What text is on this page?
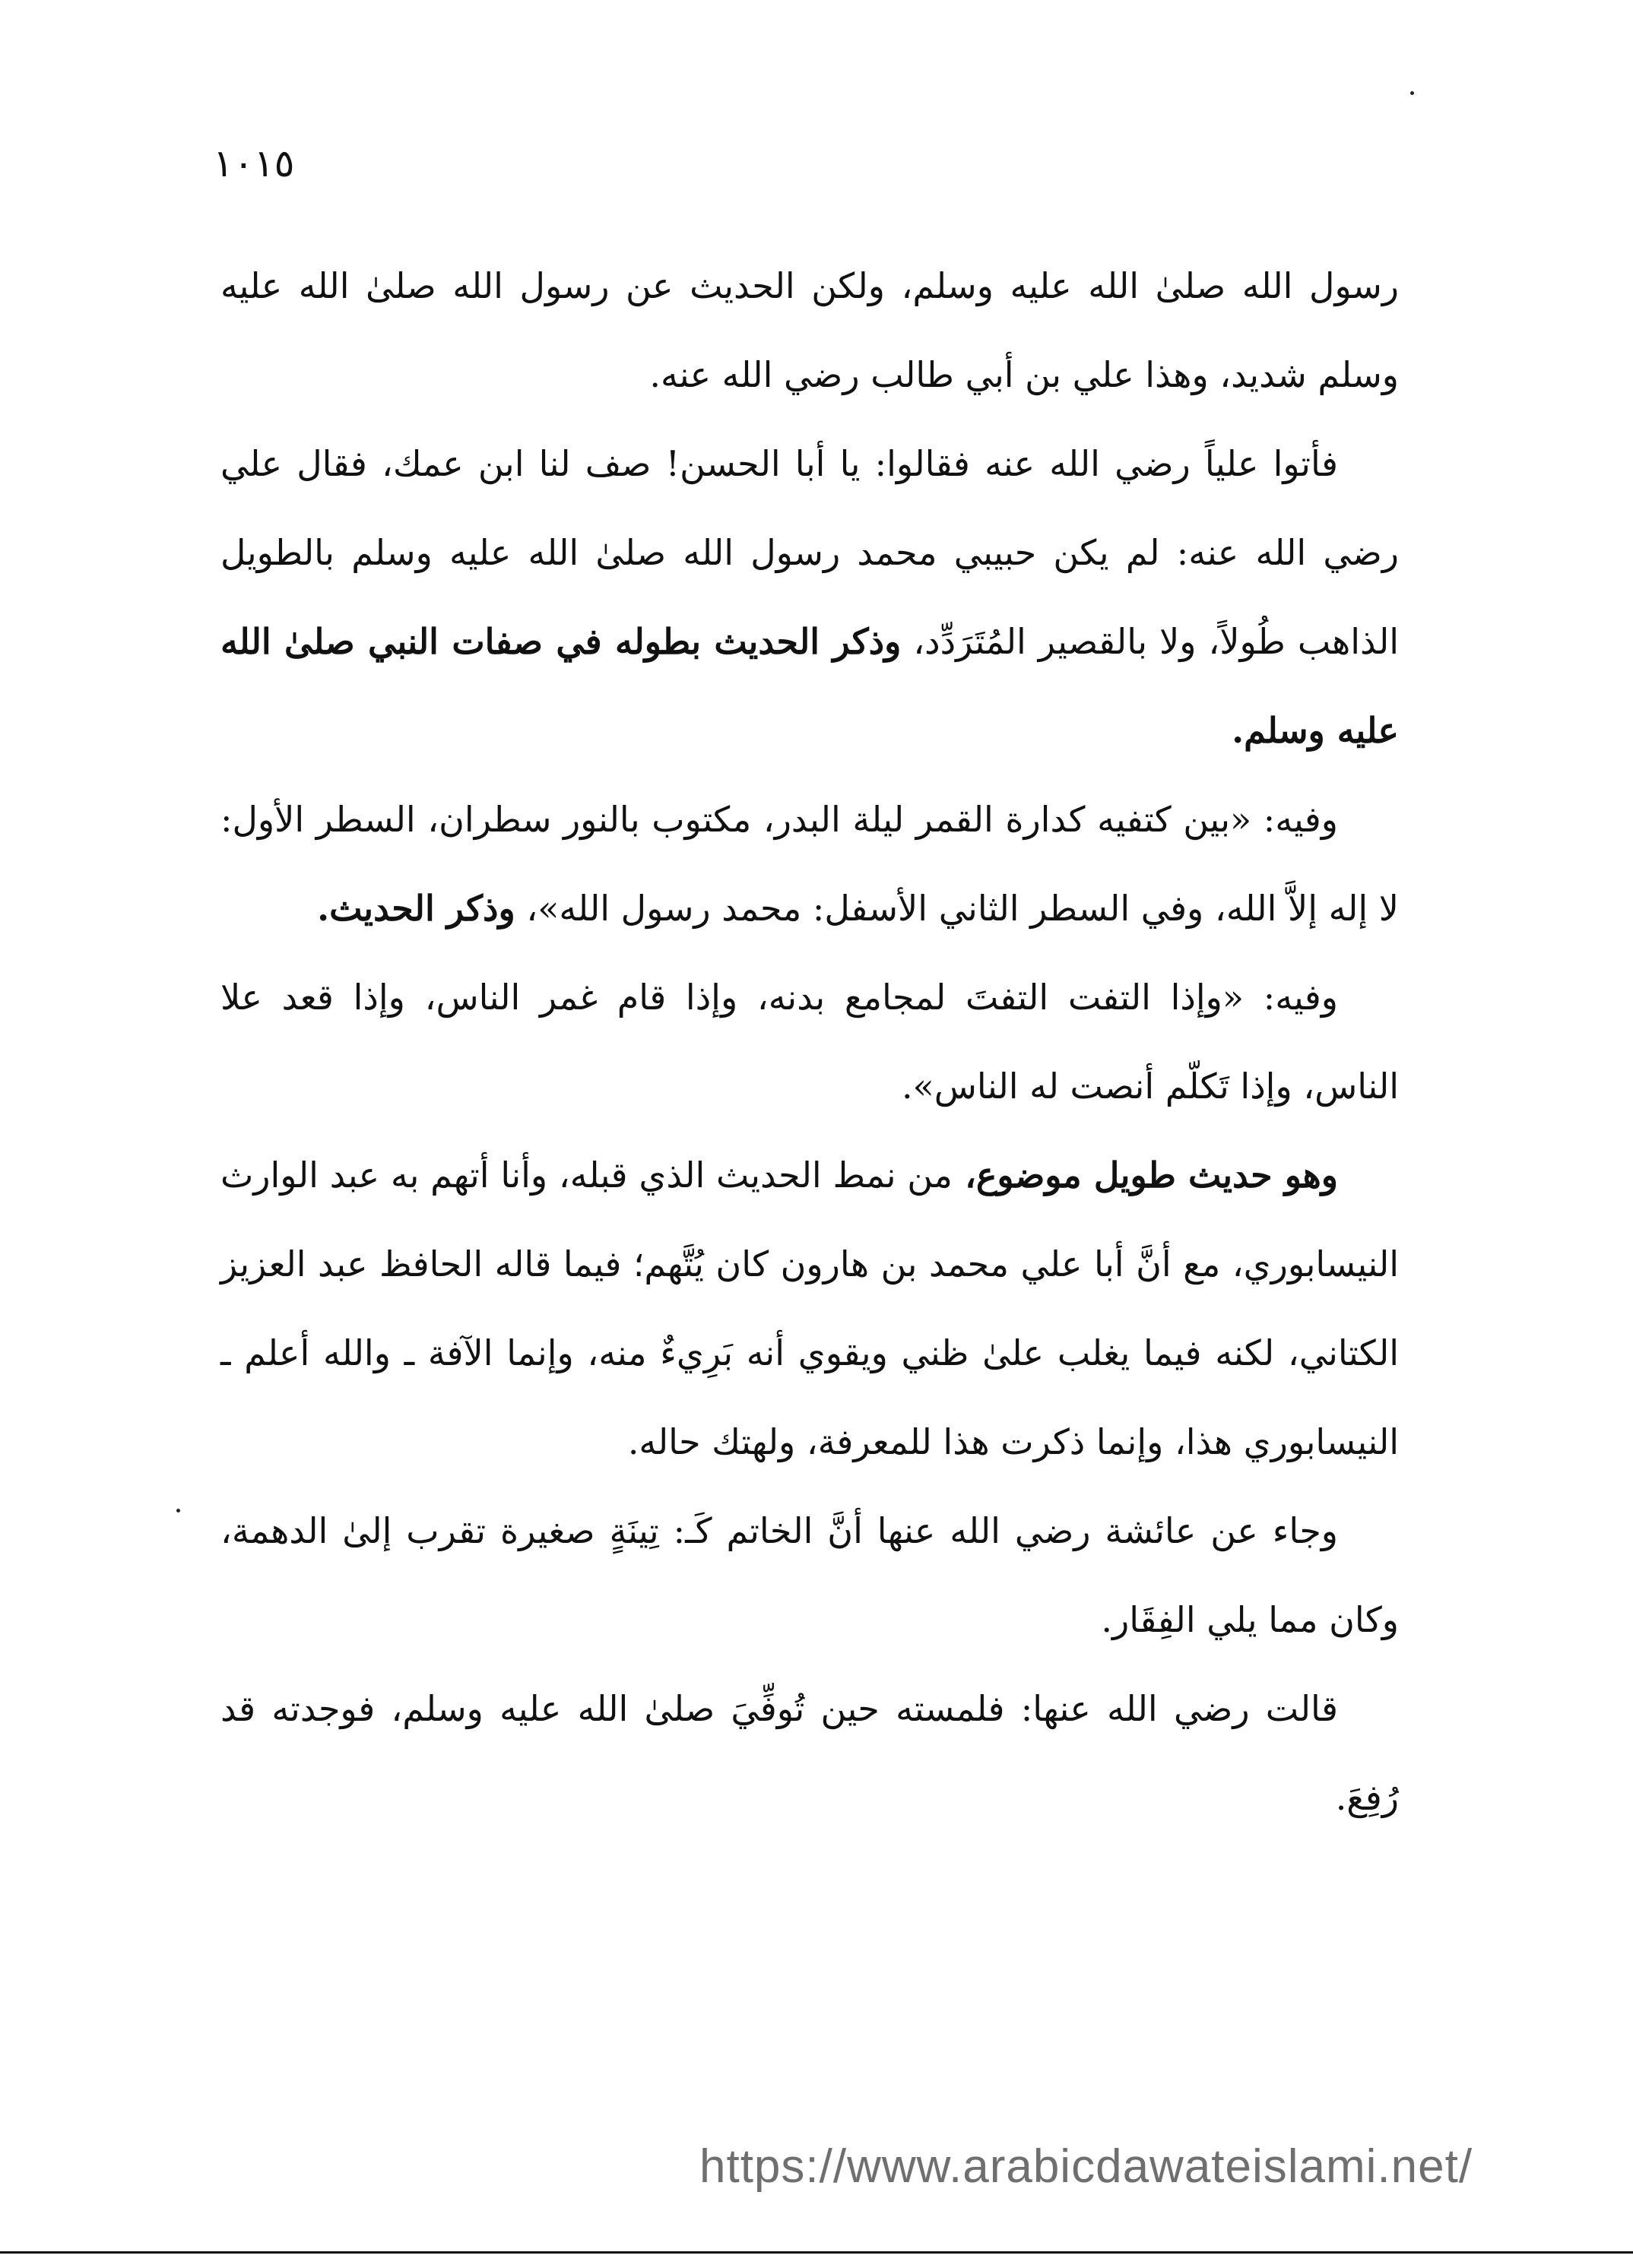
١٠١٥

رسول الله صلىٰ الله عليه وسلم، ولكن الحديث عن رسول الله صلىٰ الله عليه وسلم شديد، وهذا علي بن أبي طالب رضي الله عنه.

فأتوا علياً رضي الله عنه فقالوا: يا أبا الحسن! صف لنا ابن عمك، فقال علي رضي الله عنه: لم يكن حبيبي محمد رسول الله صلىٰ الله عليه وسلم بالطويل الذاهب طُولاً، ولا بالقصير المُتَرَدِّد، وذكر الحديث بطوله في صفات النبي صلىٰ الله عليه وسلم.

وفيه: «بين كتفيه كدارة القمر ليلة البدر، مكتوب بالنور سطران، السطر الأول: لا إله إلاَّ الله، وفي السطر الثاني الأسفل: محمد رسول الله»، وذكر الحديث.

وفيه: «وإذا التفت التفتَ لمجامع بدنه، وإذا قام غمر الناس، وإذا قعد علا الناس، وإذا تَكلّم أنصت له الناس».

وهو حديث طويل موضوع، من نمط الحديث الذي قبله، وأنا أتهم به عبد الوارث النيسابوري، مع أنَّ أبا علي محمد بن هارون كان يُتَّهم؛ فيما قاله الحافظ عبد العزيز الكتاني، لكنه فيما يغلب علىٰ ظني ويقوي أنه بَرِيءٌ منه، وإنما الآفة ـ والله أعلم ـ النيسابوري هذا، وإنما ذكرت هذا للمعرفة، ولهتك حاله.

وجاء عن عائشة رضي الله عنها أنَّ الخاتم كَـ: تِينَةٍ صغيرة تقرب إلىٰ الدهمة، وكان مما يلي الفِقَار.

قالت رضي الله عنها: فلمسته حين تُوفِّيَ صلىٰ الله عليه وسلم، فوجدته قد رُفِعَ.

https://www.arabicdawateislami.net/
